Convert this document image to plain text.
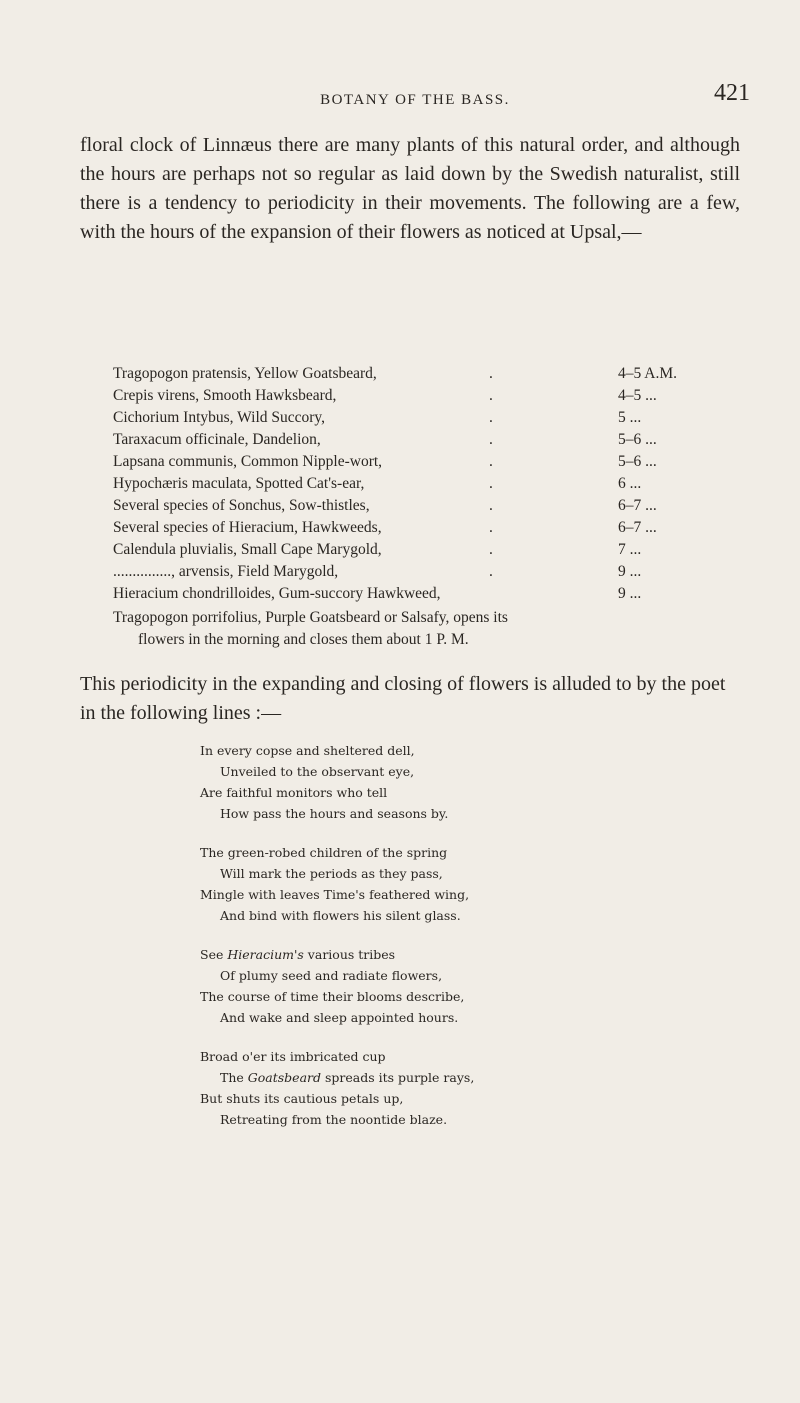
BOTANY OF THE BASS.	421

floral clock of Linnæus there are many plants of this natural order, and although the hours are perhaps not so regular as laid down by the Swedish naturalist, still there is a tendency to periodicity in their movements. The following are a few, with the hours of the expansion of their flowers as noticed at Upsal,—

Tragopogon pratensis, Yellow Goatsbeard,	.	4–5 A.M.
Crepis virens, Smooth Hawksbeard,	.	4–5 ...
Cichorium Intybus, Wild Succory,	.	5 ...
Taraxacum officinale, Dandelion,	.	5–6 ...
Lapsana communis, Common Nipple-wort,	.	5–6 ...
Hypochæris maculata, Spotted Cat's-ear,	.	6 ...
Several species of Sonchus, Sow-thistles,	.	6–7 ...
Several species of Hieracium, Hawkweeds,	.	6–7 ...
Calendula pluvialis, Small Cape Marygold,	.	7 ...
..............., arvensis, Field Marygold,	.	9 ...
Hieracium chondrilloides, Gum-succory Hawkweed,	9 ...
Tragopogon porrifolius, Purple Goatsbeard or Salsafy, opens its
flowers in the morning and closes them about 1 P. M.

This periodicity in the expanding and closing of flowers is alluded to by the poet in the following lines :—

In every copse and sheltered dell,
Unveiled to the observant eye,
Are faithful monitors who tell
How pass the hours and seasons by.
The green-robed children of the spring
Will mark the periods as they pass,
Mingle with leaves Time's feathered wing,
And bind with flowers his silent glass.
See Hieracium's various tribes
Of plumy seed and radiate flowers,
The course of time their blooms describe,
And wake and sleep appointed hours.
Broad o'er its imbricated cup
The Goatsbeard spreads its purple rays,
But shuts its cautious petals up,
Retreating from the noontide blaze.
